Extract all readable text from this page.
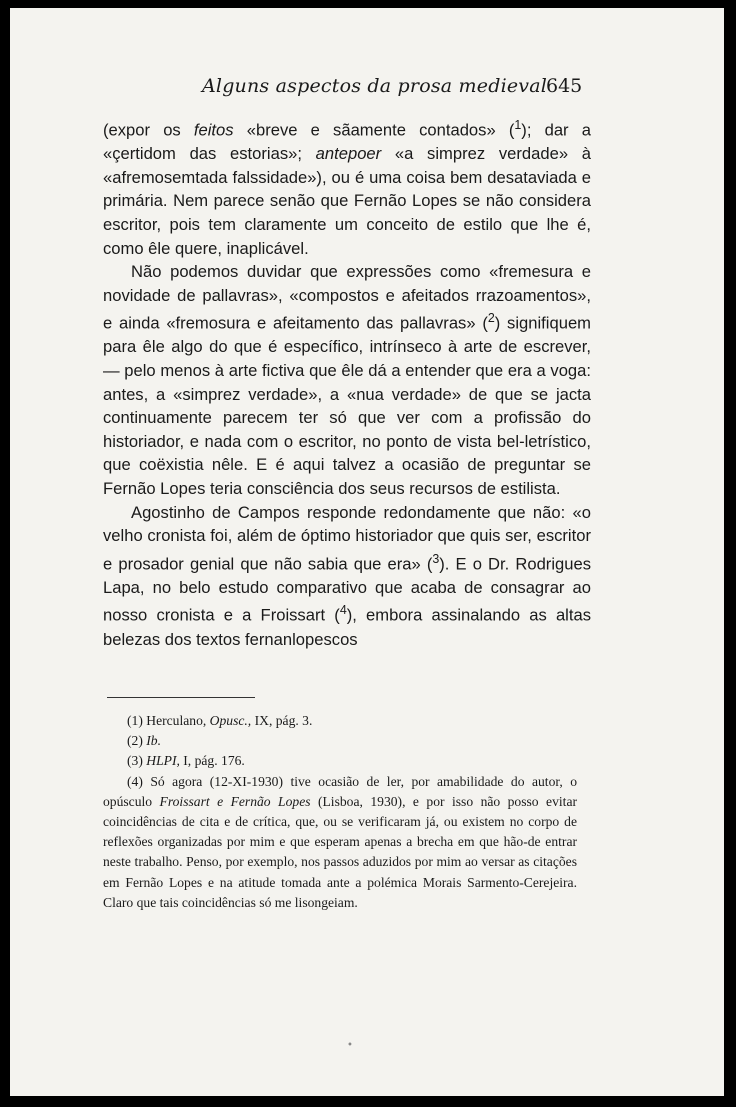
Alguns aspectos da prosa medieval
645

(expor os feitos «breve e sãamente contados» ($^1$); dar a «çertidom das estorias»; antepoer «a simprez verdade» à «afremosemtada falssidade»), ou é uma coisa bem desataviada e primária. Nem parece senão que Fernão Lopes se não considera escritor, pois tem claramente um conceito de estilo que lhe é, como êle quere, inaplicável.

Não podemos duvidar que expressões como «fremesura e novidade de pallavras», «compostos e afeitados rrazoamentos», e ainda «fremosura e afeitamento das pallavras» ($^2$) signifiquem para êle algo do que é específico, intrínseco à arte de escrever, — pelo menos à arte fictiva que êle dá a entender que era a voga: antes, a «simprez verdade», a «nua verdade» de que se jacta continuamente parecem ter só que ver com a profissão do historiador, e nada com o escritor, no ponto de vista bel-letrístico, que coëxistia nêle. E é aqui talvez a ocasião de preguntar se Fernão Lopes teria consciência dos seus recursos de estilista.

Agostinho de Campos responde redondamente que não: «o velho cronista foi, além de óptimo historiador que quis ser, escritor e prosador genial que não sabia que era» ($^3$). E o Dr. Rodrigues Lapa, no belo estudo comparativo que acaba de consagrar ao nosso cronista e a Froissart ($^4$), embora assinalando as altas belezas dos textos fernanlopescos

(1) Herculano, Opusc., IX, pág. 3.

(2) Ib.

(3) HLPI, I, pág. 176.

(4) Só agora (12-XI-1930) tive ocasião de ler, por amabilidade do autor, o opúsculo Froissart e Fernão Lopes (Lisboa, 1930), e por isso não posso evitar coincidências de cita e de crítica, que, ou se verificaram já, ou existem no corpo de reflexões organizadas por mim e que esperam apenas a brecha em que hão-de entrar neste trabalho. Penso, por exemplo, nos passos aduzidos por mim ao versar as citações em Fernão Lopes e na atitude tomada ante a polémica Morais Sarmento-Cerejeira. Claro que tais coincidências só me lisongeiam.

•
